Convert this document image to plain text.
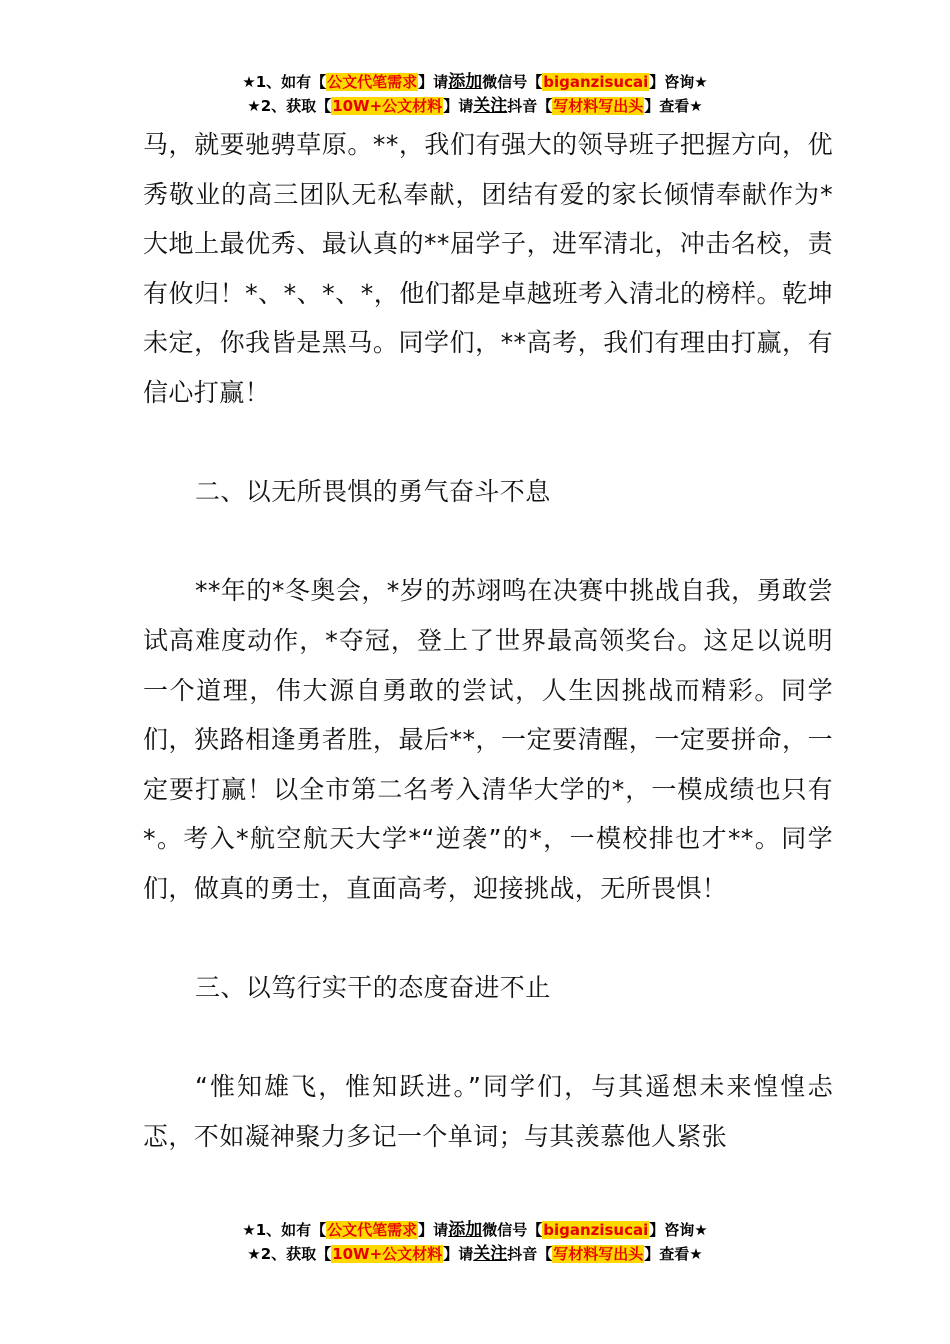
★1、如有【公文代笔需求】请添加微信号【biganzisucai】咨询★
★2、获取【10W+公文材料】请关注抖音【写材料写出头】查看★

马，就要驰骋草原。**，我们有强大的领导班子把握方向，优秀敬业的高三团队无私奉献，团结有爱的家长倾情奉献作为*大地上最优秀、最认真的**届学子，进军清北，冲击名校，责有攸归！*、*、*、*，他们都是卓越班考入清北的榜样。乾坤未定，你我皆是黑马。同学们，**高考，我们有理由打赢，有信心打赢！

二、以无所畏惧的勇气奋斗不息

**年的*冬奥会，*岁的苏翊鸣在决赛中挑战自我，勇敢尝试高难度动作，*夺冠，登上了世界最高领奖台。这足以说明一个道理，伟大源自勇敢的尝试，人生因挑战而精彩。同学们，狭路相逢勇者胜，最后**，一定要清醒，一定要拼命，一定要打赢！以全市第二名考入清华大学的*，一模成绩也只有*。考入*航空航天大学*“逆袭”的*，一模校排也才**。同学们，做真的勇士，直面高考，迎接挑战，无所畏惧！

三、以笃行实干的态度奋进不止

“惟知雄飞，惟知跃进。”同学们，与其遥想未来惶惶忐忑，不如凝神聚力多记一个单词；与其羡慕他人紧张

★1、如有【公文代笔需求】请添加微信号【biganzisucai】咨询★
★2、获取【10W+公文材料】请关注抖音【写材料写出头】查看★
